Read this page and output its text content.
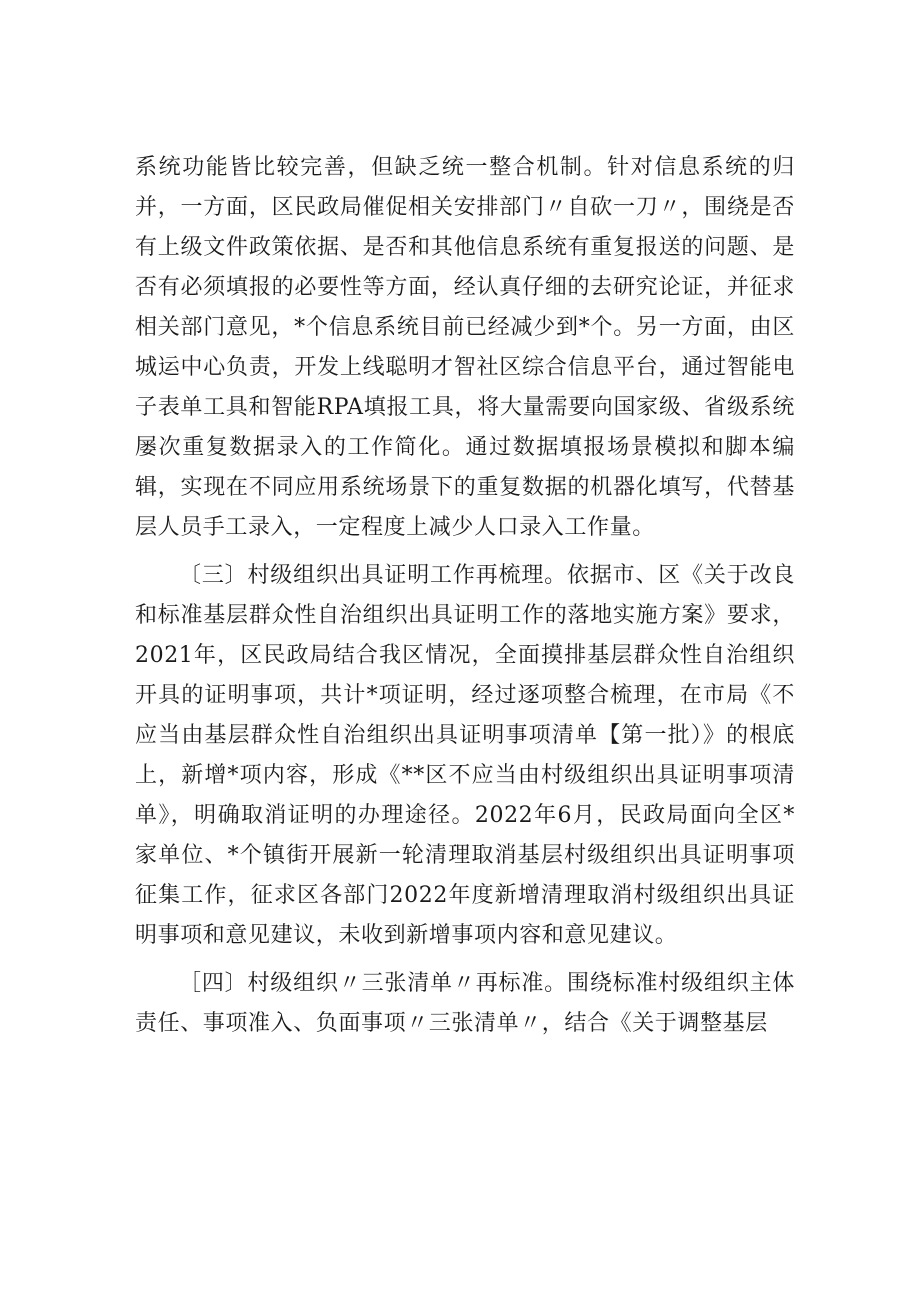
系统功能皆比较完善，但缺乏统一整合机制。针对信息系统的归并，一方面，区民政局催促相关安排部门〃自砍一刀〃，围绕是否有上级文件政策依据、是否和其他信息系统有重复报送的问题、是否有必须填报的必要性等方面，经认真仔细的去研究论证，并征求相关部门意见，*个信息系统目前已经减少到*个。另一方面，由区城运中心负责，开发上线聪明才智社区综合信息平台，通过智能电子表单工具和智能RPA填报工具，将大量需要向国家级、省级系统屡次重复数据录入的工作简化。通过数据填报场景模拟和脚本编辑，实现在不同应用系统场景下的重复数据的机器化填写，代替基层人员手工录入，一定程度上减少人口录入工作量。

〔三〕村级组织出具证明工作再梳理。依据市、区《关于改良和标准基层群众性自治组织出具证明工作的落地实施方案》要求，2021年，区民政局结合我区情况，全面摸排基层群众性自治组织开具的证明事项，共计*项证明，经过逐项整合梳理，在市局《不应当由基层群众性自治组织出具证明事项清单【第一批）》的根底上，新增*项内容，形成《**区不应当由村级组织出具证明事项清单》，明确取消证明的办理途径。2022年6月，民政局面向全区*家单位、*个镇街开展新一轮清理取消基层村级组织出具证明事项征集工作，征求区各部门2022年度新增清理取消村级组织出具证明事项和意见建议，未收到新增事项内容和意见建议。

［四〕村级组织〃三张清单〃再标准。围绕标准村级组织主体责任、事项准入、负面事项〃三张清单〃，结合《关于调整基层
